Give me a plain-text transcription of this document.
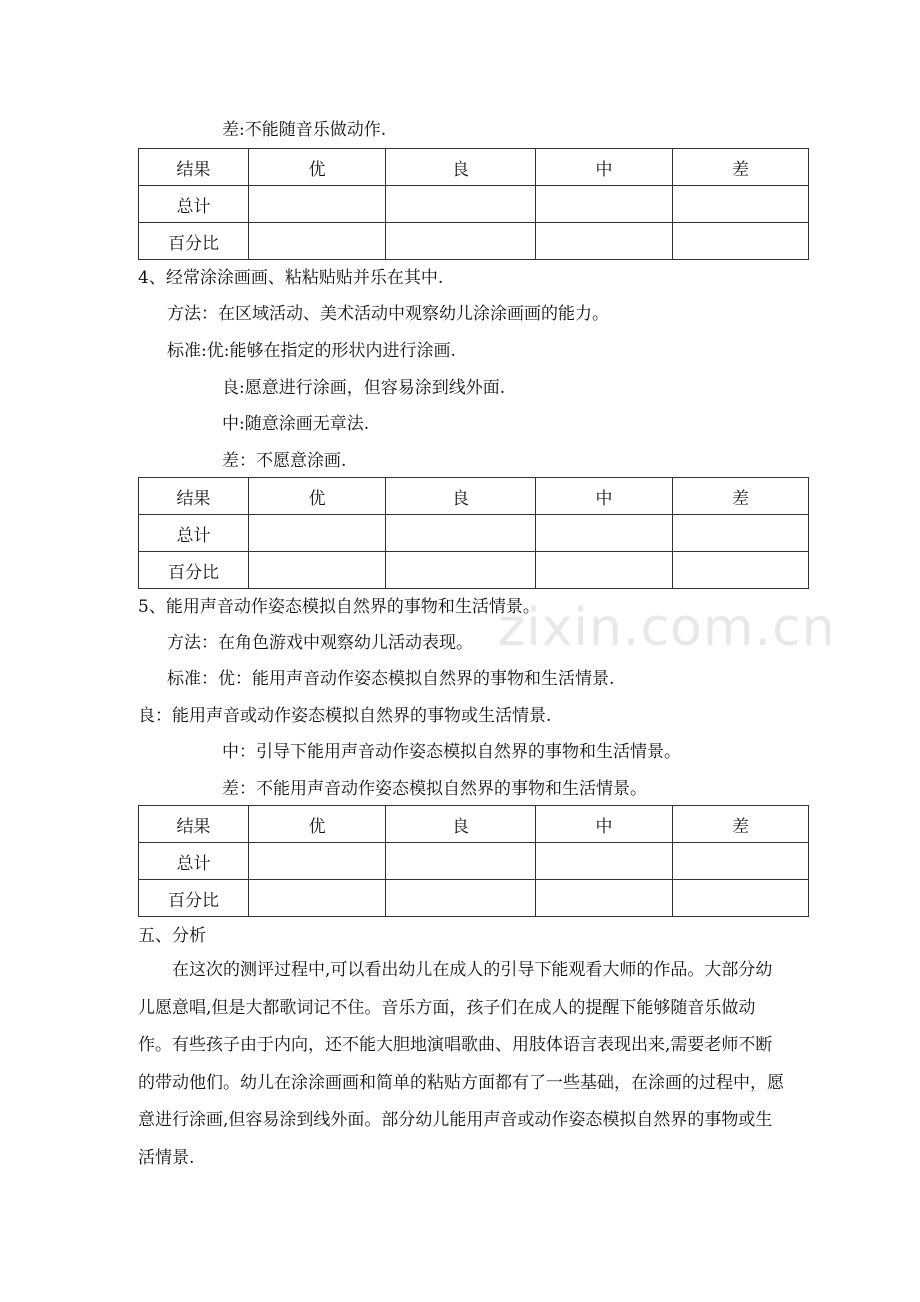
差:不能随音乐做动作.
结果	优	良	中	差
总计				
百分比				
4、经常涂涂画画、粘粘贴贴并乐在其中.
方法：在区域活动、美术活动中观察幼儿涂涂画画的能力。
标准:优:能够在指定的形状内进行涂画.
良:愿意进行涂画，但容易涂到线外面.
中:随意涂画无章法.
差：不愿意涂画.
结果	优	良	中	差
总计				
百分比				
zixin.com.cn
5、能用声音动作姿态模拟自然界的事物和生活情景。
方法：在角色游戏中观察幼儿活动表现。
标准：优：能用声音动作姿态模拟自然界的事物和生活情景.
良：能用声音或动作姿态模拟自然界的事物或生活情景.
中：引导下能用声音动作姿态模拟自然界的事物和生活情景。
差：不能用声音动作姿态模拟自然界的事物和生活情景。
结果	优	良	中	差
总计				
百分比				
五、分析
在这次的测评过程中,可以看出幼儿在成人的引导下能观看大师的作品。大部分幼儿愿意唱,但是大都歌词记不住。音乐方面，孩子们在成人的提醒下能够随音乐做动作。有些孩子由于内向，还不能大胆地演唱歌曲、用肢体语言表现出来,需要老师不断的带动他们。幼儿在涂涂画画和简单的粘贴方面都有了一些基础，在涂画的过程中，愿意进行涂画,但容易涂到线外面。部分幼儿能用声音或动作姿态模拟自然界的事物或生活情景.
